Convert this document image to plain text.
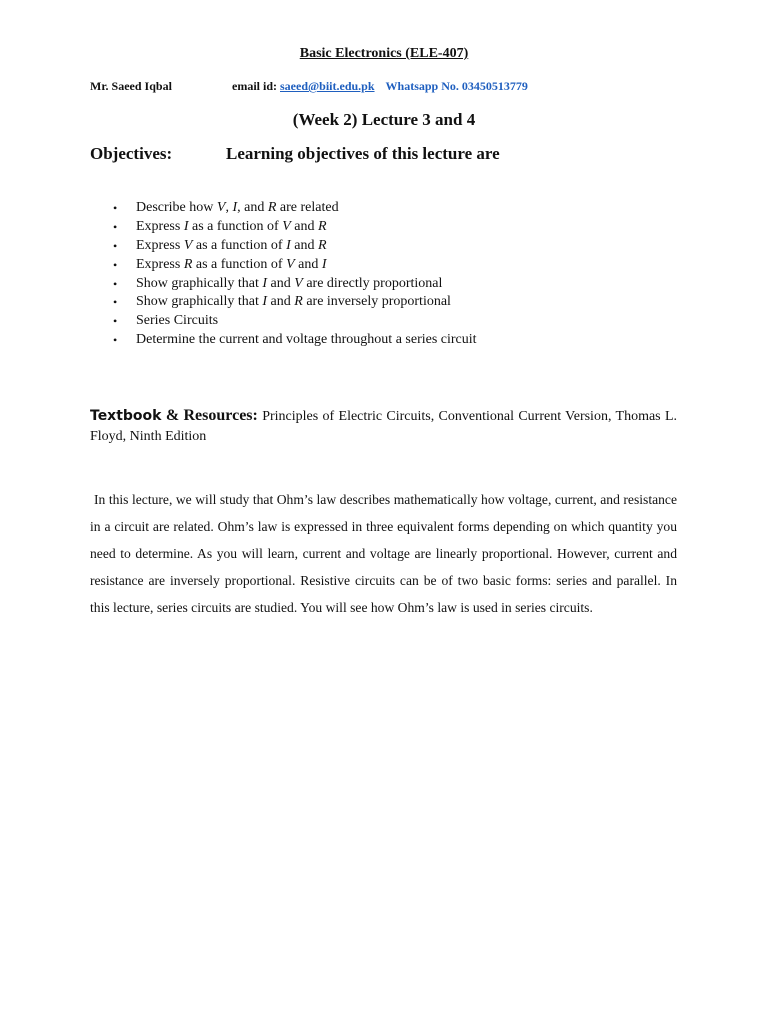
Basic Electronics (ELE-407)
Mr. Saeed Iqbal	email id: saeed@biit.edu.pk Whatsapp No. 03450513779
(Week 2) Lecture 3 and 4
Objectives:	Learning objectives of this lecture are
• Describe how V, I, and R are related
• Express I as a function of V and R
• Express V as a function of I and R
• Express R as a function of V and I
• Show graphically that I and V are directly proportional
• Show graphically that I and R are inversely proportional
• Series Circuits
• Determine the current and voltage throughout a series circuit
Textbook & Resources: Principles of Electric Circuits, Conventional Current Version, Thomas L. Floyd, Ninth Edition
In this lecture, we will study that Ohm’s law describes mathematically how voltage, current, and resistance in a circuit are related. Ohm’s law is expressed in three equivalent forms depending on which quantity you need to determine. As you will learn, current and voltage are linearly proportional. However, current and resistance are inversely proportional. Resistive circuits can be of two basic forms: series and parallel. In this lecture, series circuits are studied. You will see how Ohm’s law is used in series circuits.
